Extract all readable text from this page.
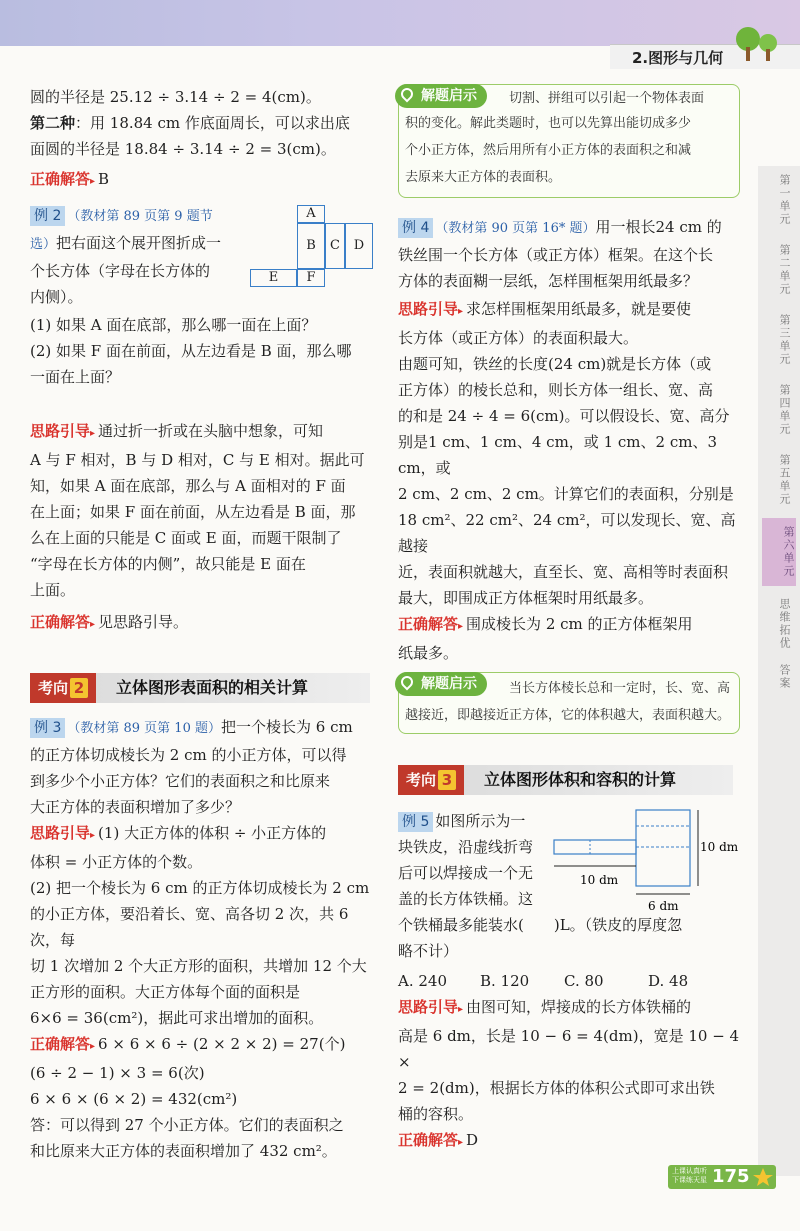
2.图形与几何
第一单元
第二单元
第三单元
第四单元
第五单元
第六单元
思维拓优
答案

圆的半径是 25.12 ÷ 3.14 ÷ 2 = 4(cm)。

第二种：用 18.84 cm 作底面周长，可以求出底

面圆的半径是 18.84 ÷ 3.14 ÷ 2 = 3(cm)。

正确解答▸ B

例 2 （教材第 89 页第 9 题节

选）把右面这个展开图折成一

个长方体（字母在长方体的

内侧）。

(1) 如果 A 面在底部，那么哪一面在上面？

(2) 如果 F 面在前面，从左边看是 B 面，那么哪

一面在上面？

A
B	C	D
E	F

思路引导▸ 通过折一折或在头脑中想象，可知

A 与 F 相对，B 与 D 相对，C 与 E 相对。据此可

知，如果 A 面在底部，那么与 A 面相对的 F 面

在上面；如果 F 面在前面，从左边看是 B 面，那

么在上面的只能是 C 面或 E 面，而题干限制了

“字母在长方体的内侧”，故只能是 E 面在

上面。

正确解答▸ 见思路引导。

考向 2	立体图形表面积的相关计算

例 3 （教材第 89 页第 10 题）把一个棱长为 6 cm

的正方体切成棱长为 2 cm 的小正方体，可以得

到多少个小正方体？它们的表面积之和比原来

大正方体的表面积增加了多少？

思路引导▸ (1) 大正方体的体积 ÷ 小正方体的

体积 = 小正方体的个数。

(2) 把一个棱长为 6 cm 的正方体切成棱长为 2 cm

的小正方体，要沿着长、宽、高各切 2 次，共 6 次，每

切 1 次增加 2 个大正方形的面积，共增加 12 个大

正方形的面积。大正方体每个面的面积是

6×6 = 36(cm²)，据此可求出增加的面积。

正确解答▸ 6 × 6 × 6 ÷ (2 × 2 × 2) = 27(个)

(6 ÷ 2 − 1) × 3 = 6(次)

6 × 6 × (6 × 2) = 432(cm²)

答：可以得到 27 个小正方体。它们的表面积之

和比原来大正方体的表面积增加了 432 cm²。

解题启示	切割、拼组可以引起一个物体表面
积的变化。解此类题时，也可以先算出能切成多少
个小正方体，然后用所有小正方体的表面积之和减
去原来大正方体的表面积。

例 4 （教材第 90 页第 16* 题）用一根长24 cm 的

铁丝围一个长方体（或正方体）框架。在这个长

方体的表面糊一层纸，怎样围框架用纸最多？

思路引导▸ 求怎样围框架用纸最多，就是要使

长方体（或正方体）的表面积最大。

由题可知，铁丝的长度(24 cm)就是长方体（或

正方体）的棱长总和，则长方体一组长、宽、高

的和是 24 ÷ 4 = 6(cm)。可以假设长、宽、高分

别是1 cm、1 cm、4 cm，或 1 cm、2 cm、3 cm，或

2 cm、2 cm、2 cm。计算它们的表面积，分别是

18 cm²、22 cm²、24 cm²，可以发现长、宽、高越接

近，表面积就越大，直至长、宽、高相等时表面积

最大，即围成正方体框架时用纸最多。

正确解答▸ 围成棱长为 2 cm 的正方体框架用

纸最多。

解题启示	当长方体棱长总和一定时，长、宽、高
越接近，即越接近正方体，它的体积越大，表面积越大。
考向 3	立体图形体积和容积的计算

例 5 如图所示为一

块铁皮，沿虚线折弯

后可以焊接成一个无

盖的长方体铁桶。这

个铁桶最多能装水(　　)L。（铁皮的厚度忽

略不计）

A. 240 B. 120 C. 80	D. 48

思路引导▸ 由图可知，焊接成的长方体铁桶的

高是 6 dm，长是 10 − 6 = 4(dm)，宽是 10 − 4 ×

2 = 2(dm)，根据长方体的体积公式即可求出铁

桶的容积。

正确解答▸ D

10 dm
10 dm
6 dm
上课认真听
下课练天星 175
